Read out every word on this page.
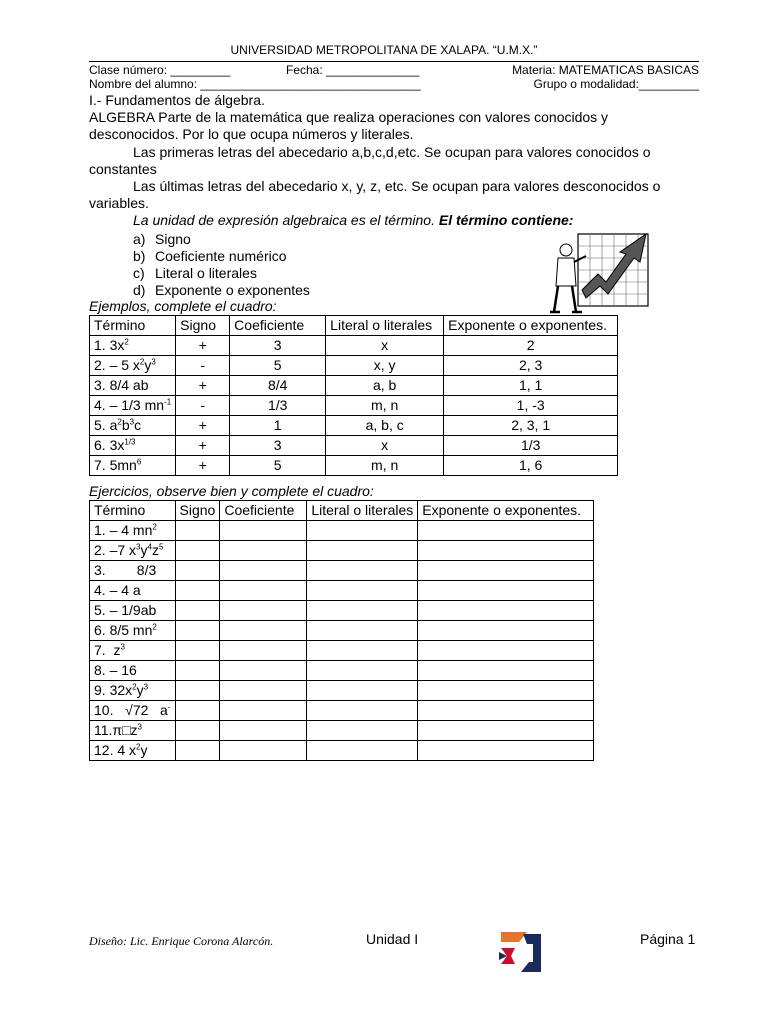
UNIVERSIDAD METROPOLITANA DE XALAPA. “U.M.X.”
Clase número: _________	Fecha: ______________	Materia: MATEMATICAS BASICAS
Nombre del alumno: _________________________________	Grupo o modalidad:_________
I.- Fundamentos de álgebra.
ALGEBRA Parte de la matemática que realiza operaciones con valores conocidos y desconocidos. Por lo que ocupa números y literales.
Las primeras letras del abecedario a,b,c,d,etc. Se ocupan para valores conocidos o constantes
Las últimas letras del abecedario x, y, z, etc. Se ocupan para valores desconocidos o variables.
La unidad de expresión algebraica es el término. El término contiene:
a) Signo
b) Coeficiente numérico
c) Literal o literales
d) Exponente o exponentes
Ejemplos, complete el cuadro:
Término	Signo	Coeficiente	Literal o literales	Exponente o exponentes.
1. $3x^2$	+	3	x	2
2. – 5 $x^2y^3$	-	5	x, y	2, 3
3. 8/4 ab	+	8/4	a, b	1, 1
4. – 1/3 $mn^{-1}$	-	1/3	m, n	1, -3
5. $a^2b^3c$	+	1	a, b, c	2, 3, 1
6. $3x^{1/3}$	+	3	x	1/3
7. $5mn^6$	+	5	m, n	1, 6
Ejercicios, observe bien y complete el cuadro:
Término	Signo	Coeficiente	Literal o literales	Exponente o exponentes.
1. – 4 $mn^2$				
2. –7 $x^3y^4z^5$				
3.        8/3				
4. – 4 a				
5. – 1/9ab				
6. 8/5 $mn^2$				
7.  $z^3$				
8. – 16				
9. $32x^2y^3$				
10.   √72   a-				
$11.\pi□z^3$				
12. 4 $x^2y$				
Diseño: Lic. Enrique Corona Alarcón.	Unidad I	Página 1
